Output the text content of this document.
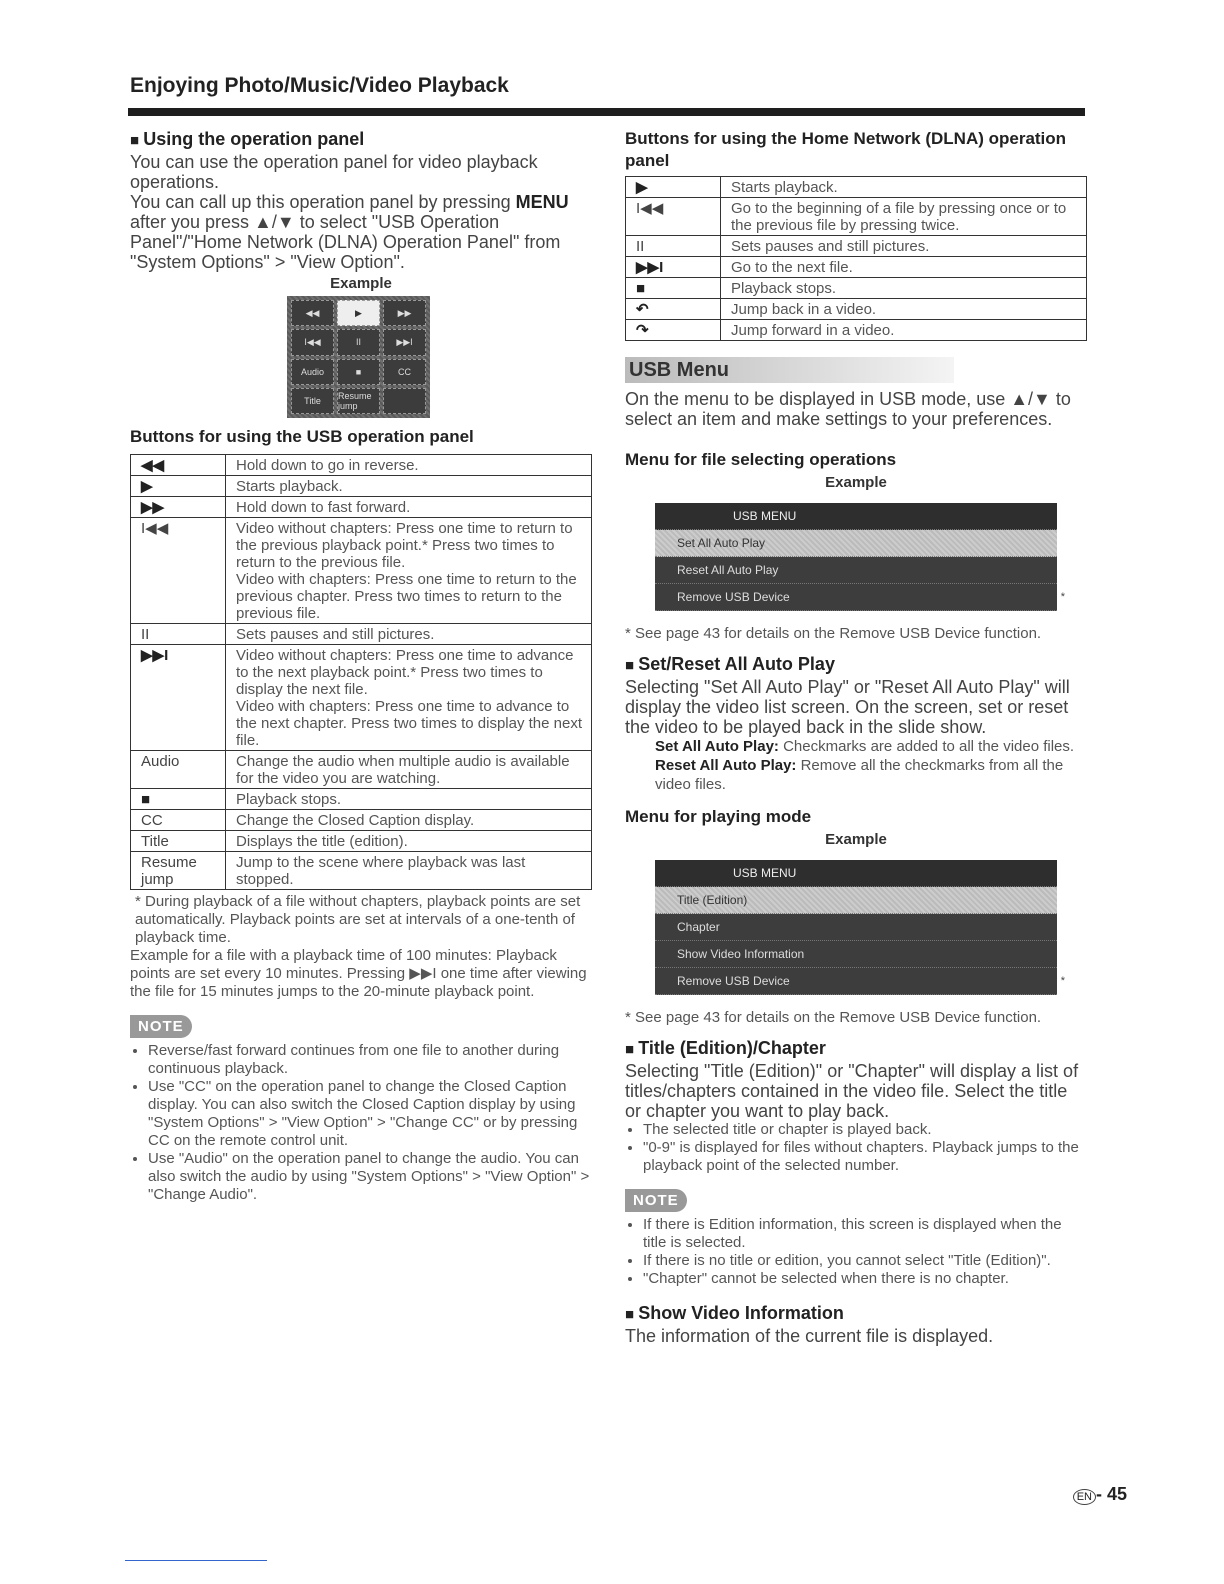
Enjoying Photo/Music/Video Playback

■ Using the operation panel

You can use the operation panel for video playback operations.

You can call up this operation panel by pressing MENU after you press ▲/▼ to select "USB Operation Panel"/"Home Network (DLNA) Operation Panel" from "System Options" > "View Option".

Example
◀◀	▶	▶▶
I◀◀	II	▶▶I
Audio	■	CC
Title	Resume jump

Buttons for using the USB operation panel

◀◀	Hold down to go in reverse.
▶	Starts playback.
▶▶	Hold down to fast forward.
I◀◀	Video without chapters: Press one time to return to the previous playback point.* Press two times to return to the previous file.
Video with chapters: Press one time to return to the previous chapter. Press two times to return to the previous file.
II	Sets pauses and still pictures.
▶▶I	Video without chapters: Press one time to advance to the next playback point.* Press two times to display the next file.
Video with chapters: Press one time to advance to the next chapter. Press two times to display the next file.
Audio	Change the audio when multiple audio is available for the video you are watching.
■	Playback stops.
CC	Change the Closed Caption display.
Title	Displays the title (edition).
Resume jump	Jump to the scene where playback was last stopped.

* During playback of a file without chapters, playback points are set automatically. Playback points are set at intervals of a one-tenth of playback time.

Example for a file with a playback time of 100 minutes: Playback points are set every 10 minutes. Pressing ▶▶I one time after viewing the file for 15 minutes jumps to the 20-minute playback point.

NOTE
• Reverse/fast forward continues from one file to another during continuous playback.
• Use "CC" on the operation panel to change the Closed Caption display. You can also switch the Closed Caption display by using "System Options" > "View Option" > "Change CC" or by pressing CC on the remote control unit.
• Use "Audio" on the operation panel to change the audio. You can also switch the audio by using "System Options" > "View Option" > "Change Audio".

Buttons for using the Home Network (DLNA) operation panel

▶	Starts playback.
I◀◀	Go to the beginning of a file by pressing once or to the previous file by pressing twice.
II	Sets pauses and still pictures.
▶▶I	Go to the next file.
■	Playback stops.
↶	Jump back in a video.
↷	Jump forward in a video.
USB Menu

On the menu to be displayed in USB mode, use ▲/▼ to select an item and make settings to your preferences.

Menu for file selecting operations

Example
USB MENU
Set All Auto Play
Reset All Auto Play
Remove USB Device	*

* See page 43 for details on the Remove USB Device function.

■ Set/Reset All Auto Play

Selecting "Set All Auto Play" or "Reset All Auto Play" will display the video list screen. On the screen, set or reset the video to be played back in the slide show.

Set All Auto Play: Checkmarks are added to all the video files.
Reset All Auto Play: Remove all the checkmarks from all the video files.

Menu for playing mode

Example
USB MENU
Title (Edition)
Chapter
Show Video Information
Remove USB Device	*

* See page 43 for details on the Remove USB Device function.

■ Title (Edition)/Chapter

Selecting "Title (Edition)" or "Chapter" will display a list of titles/chapters contained in the video file. Select the title or chapter you want to play back.

• The selected title or chapter is played back.
• "0-9" is displayed for files without chapters. Playback jumps to the playback point of the selected number.
NOTE
• If there is Edition information, this screen is displayed when the title is selected.
• If there is no title or edition, you cannot select "Title (Edition)".
• "Chapter" cannot be selected when there is no chapter.

■ Show Video Information

The information of the current file is displayed.

EN - 45
